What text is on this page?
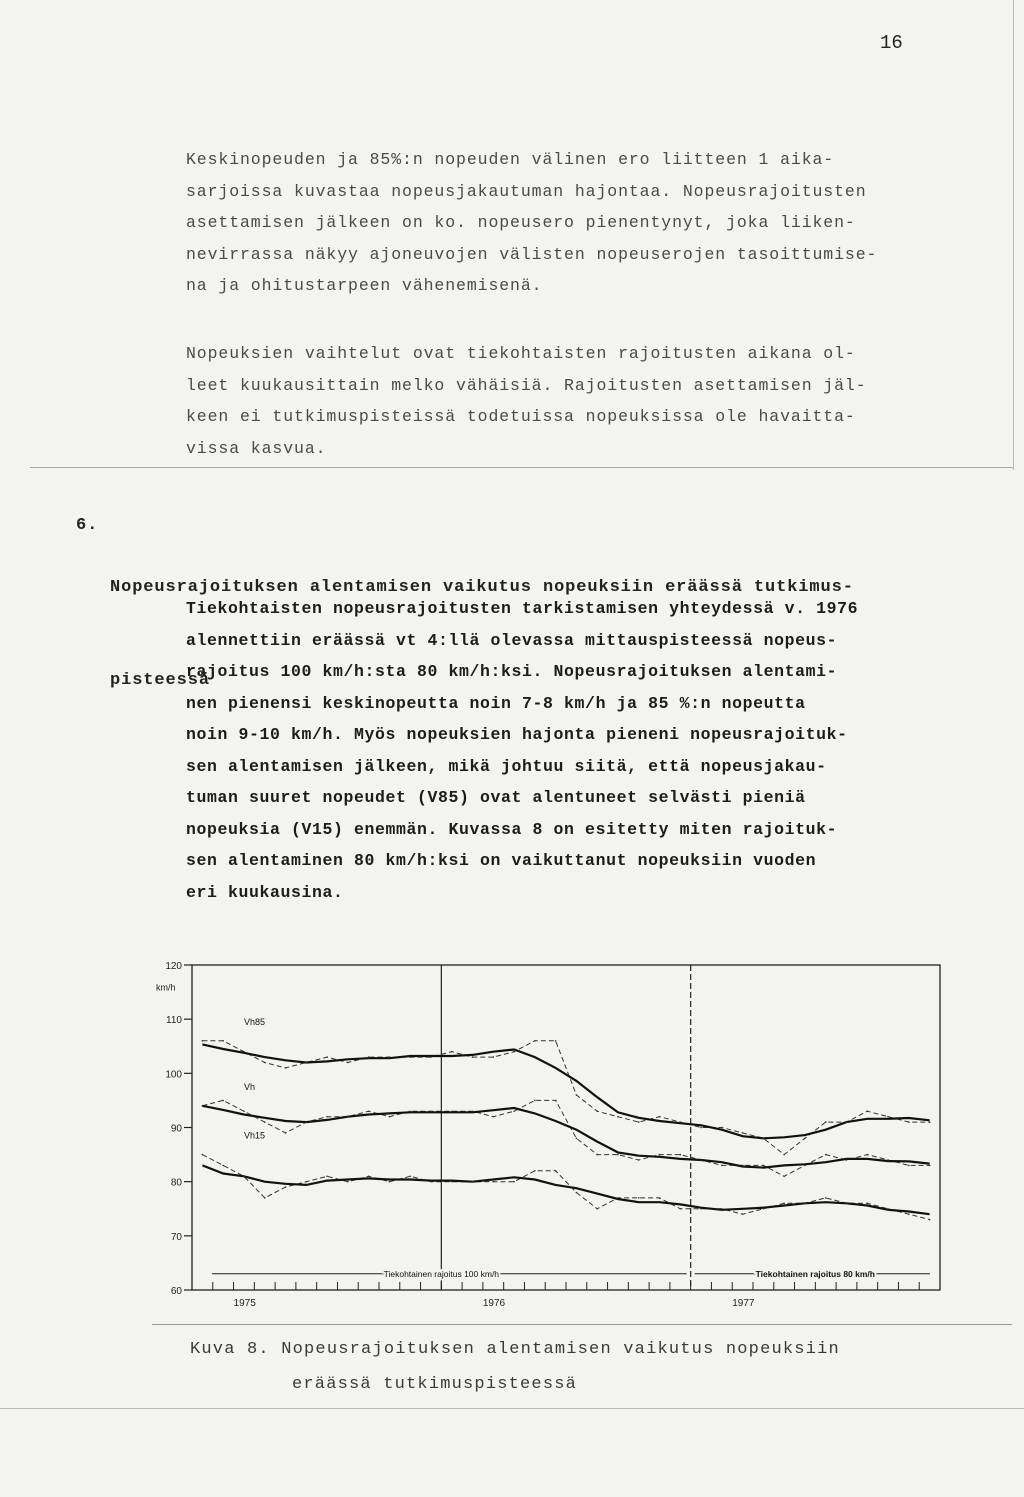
16
Keskinopeuden ja 85%:n nopeuden välinen ero liitteen 1 aika-
sarjoissa kuvastaa nopeusjakautuman hajontaa. Nopeusrajoitusten
asettamisen jälkeen on ko. nopeusero pienentynyt, joka liiken-
nevirrassa näkyy ajoneuvojen välisten nopeuserojen tasoittumise-
na ja ohitustarpeen vähenemisenä.
Nopeuksien vaihtelut ovat tiekohtaisten rajoitusten aikana ol-
leet kuukausittain melko vähäisiä. Rajoitusten asettamisen jäl-
keen ei tutkimuspisteissä todetuissa nopeuksissa ole havaitta-
vissa kasvua.
6.

Nopeusrajoituksen alentamisen vaikutus nopeuksiin eräässä tutkimus-

pisteessä

Tiekohtaisten nopeusrajoitusten tarkistamisen yhteydessä v. 1976
alennettiin eräässä vt 4:llä olevassa mittauspisteessä nopeus-
rajoitus 100 km/h:sta 80 km/h:ksi. Nopeusrajoituksen alentami-
nen pienensi keskinopeutta noin 7-8 km/h ja 85 %:n nopeutta
noin 9-10 km/h. Myös nopeuksien hajonta pieneni nopeusrajoituk-
sen alentamisen jälkeen, mikä johtuu siitä, että nopeusjakau-
tuman suuret nopeudet (V85) ovat alentuneet selvästi pieniä
nopeuksia (V15) enemmän. Kuvassa 8 on esitetty miten rajoituk-
sen alentaminen 80 km/h:ksi on vaikuttanut nopeuksiin vuoden
eri kuukausina.
120
110
100
90
80
70
60
km/h
1975	1976	1977
Vh85
Vh
Vh15
Tiekohtainen rajoitus 100 km/h	Tiekohtainen rajoitus 80 km/h
Kuva 8. Nopeusrajoituksen alentamisen vaikutus nopeuksiin
eräässä tutkimuspisteessä
